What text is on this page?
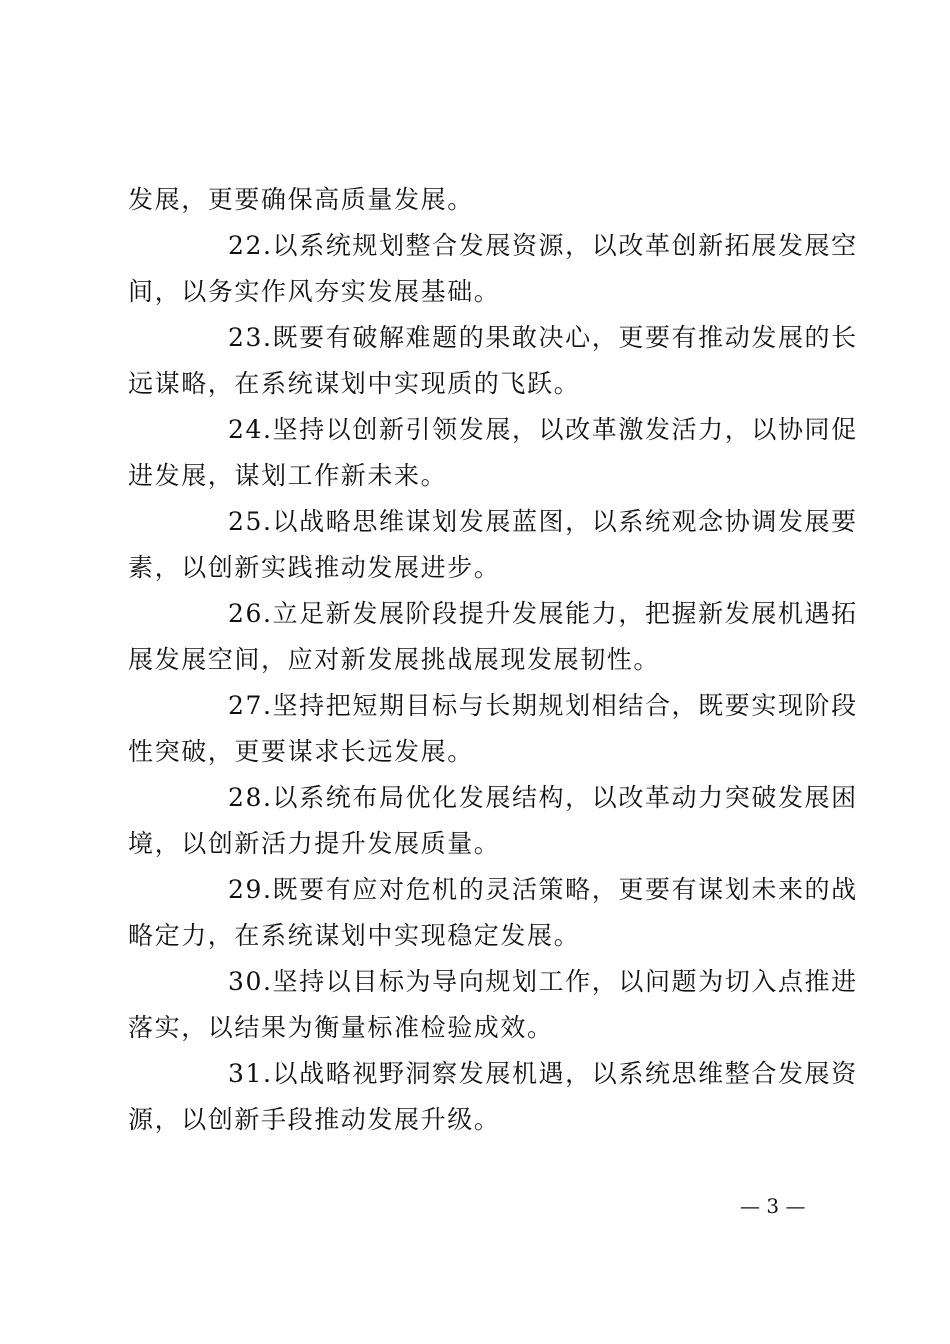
发展，更要确保高质量发展。
22.以系统规划整合发展资源，以改革创新拓展发展空
间，以务实作风夯实发展基础。
23.既要有破解难题的果敢决心，更要有推动发展的长
远谋略，在系统谋划中实现质的飞跃。
24.坚持以创新引领发展，以改革激发活力，以协同促
进发展，谋划工作新未来。
25.以战略思维谋划发展蓝图，以系统观念协调发展要
素，以创新实践推动发展进步。
26.立足新发展阶段提升发展能力，把握新发展机遇拓
展发展空间，应对新发展挑战展现发展韧性。
27.坚持把短期目标与长期规划相结合，既要实现阶段
性突破，更要谋求长远发展。
28.以系统布局优化发展结构，以改革动力突破发展困
境，以创新活力提升发展质量。
29.既要有应对危机的灵活策略，更要有谋划未来的战
略定力，在系统谋划中实现稳定发展。
30.坚持以目标为导向规划工作，以问题为切入点推进
落实，以结果为衡量标准检验成效。
31.以战略视野洞察发展机遇，以系统思维整合发展资
源，以创新手段推动发展升级。
— 3 —
